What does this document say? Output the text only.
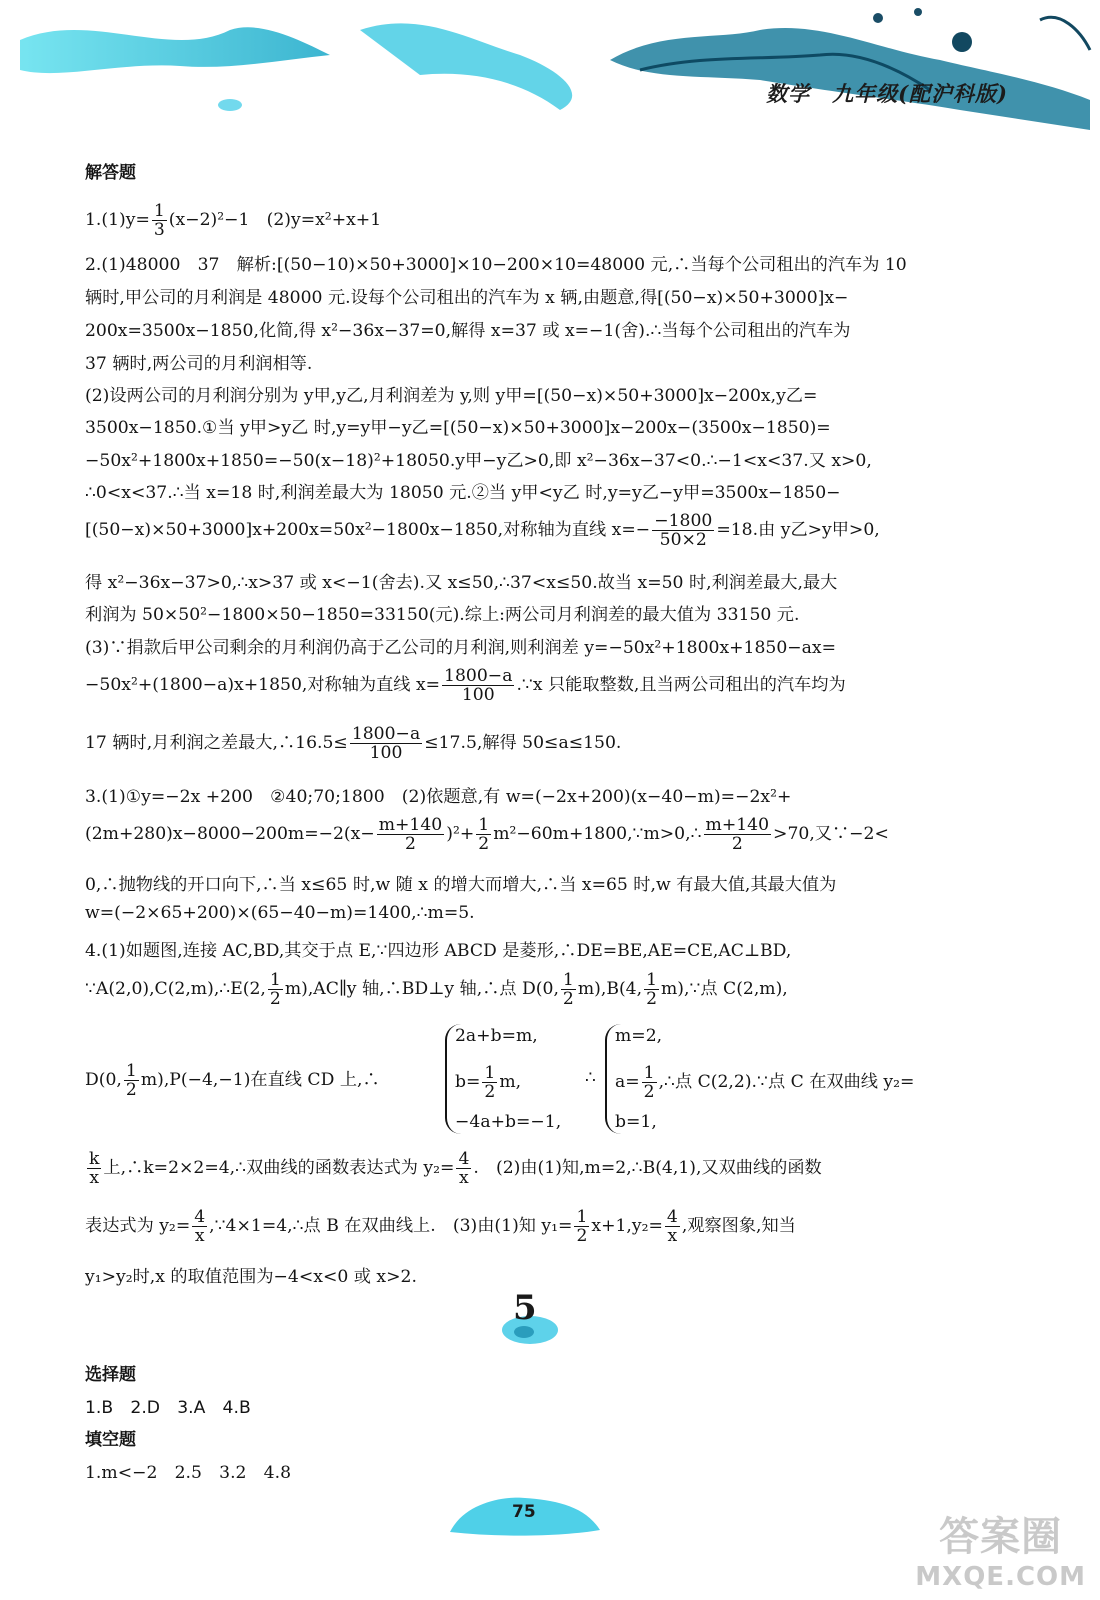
数学　九年级(配沪科版)
解答题
$1.(1)y= \frac{1}{3} (x-2)^2-1$　(2)y=x²+x+1
2.(1)48000　37　解析:[(50−10)×50+3000]×10−200×10=48000 元,∴当每个公司租出的汽车为 10
辆时,甲公司的月利润是 48000 元.设每个公司租出的汽车为 x 辆,由题意,得[(50−x)×50+3000]x−
200x=3500x−1850,化简,得 x²−36x−37=0,解得 x=37 或 x=−1(舍).∴当每个公司租出的汽车为
37 辆时,两公司的月利润相等.
(2)设两公司的月利润分别为 y甲,y乙,月利润差为 y,则 y甲=[(50−x)×50+3000]x−200x,y乙=
3500x−1850.①当 y甲>y乙 时,y=y甲−y乙=[(50−x)×50+3000]x−200x−(3500x−1850)=
−50x²+1800x+1850=−50(x−18)²+18050.y甲−y乙>0,即 x²−36x−37<0.∴−1<x<37.又 x>0,
∴0<x<37.∴当 x=18 时,利润差最大为 18050 元.②当 y甲<y乙 时,y=y乙−y甲=3500x−1850−
[(50−x)×50+3000]x+200x=50x²−1800x−1850,对称轴为直线 $x=- \frac{-1800}{50\times 2} =18$.由 y乙>y甲>0,
得 x²−36x−37>0,∴x>37 或 x<−1(舍去).又 x≤50,∴37<x≤50.故当 x=50 时,利润差最大,最大
利润为 50×50²−1800×50−1850=33150(元).综上:两公司月利润差的最大值为 33150 元.
(3)∵捐款后甲公司剩余的月利润仍高于乙公司的月利润,则利润差 y=−50x²+1800x+1850−ax=
−50x²+(1800−a)x+1850,对称轴为直线 $x= \frac{1800-a}{100}$ .∵x 只能取整数,且当两公司租出的汽车均为
17 辆时,月利润之差最大,∴16.5≤ $\frac{1800-a}{100} \le 17.5$,解得 50≤a≤150.
3.(1)①y=−2x +200　②40;70;1800　(2)依题意,有 w=(−2x+200)(x−40−m)=−2x²+
$(2m+280)x-8000-200m=-2(x- \frac{m+140}{2} )^2+ \frac{1}{2}$ m²−60m+1800,∵m>0,∴ $\frac{m+140}{2} >70$,又∵−2<
0,∴抛物线的开口向下,∴当 x≤65 时,w 随 x 的增大而增大,∴当 x=65 时,w 有最大值,其最大值为
w=(−2×65+200)×(65−40−m)=1400,∴m=5.
4.(1)如题图,连接 AC,BD,其交于点 E,∵四边形 ABCD 是菱形,∴DE=BE,AE=CE,AC⊥BD,
∵A(2,0),C(2,m),∴E(2, $\frac{1}{2}$ m),AC∥y 轴,∴BD⊥y 轴,∴点 D(0, $\frac{1}{2} m),B(4$, $\frac{1}{2}$ m),∵点 C(2,m),
D(0, $\frac{1}{2} m),P(-4,-1)$在直线 CD 上,∴
2a+b=m,
$b= \frac{1}{2} m$,
−4a+b=−1,
∴
m=2,
$a= \frac{1}{2}$ ,∴点 C(2,2).∵点 C 在双曲线 y₂=
b=1,
$\frac{k}{x}$ 上,∴k=2×2=4,∴双曲线的函数表达式为 $y_2= \frac{4}{x}$ .　(2)由(1)知,m=2,∴B(4,1),又双曲线的函数
表达式为 $y_2= \frac{4}{x}$ ,∵4×1=4,∴点 B 在双曲线上.　(3)由(1)知 $y_1= \frac{1}{2} x+1,y_2= \frac{4}{x}$ ,观察图象,知当
y₁>y₂时,x 的取值范围为−4<x<0 或 x>2.
选择题
1.B　2.D　3.A　4.B
填空题
1.m<−2　2.5　3.2　4.8
5
75
答案圈
MXQE.COM
